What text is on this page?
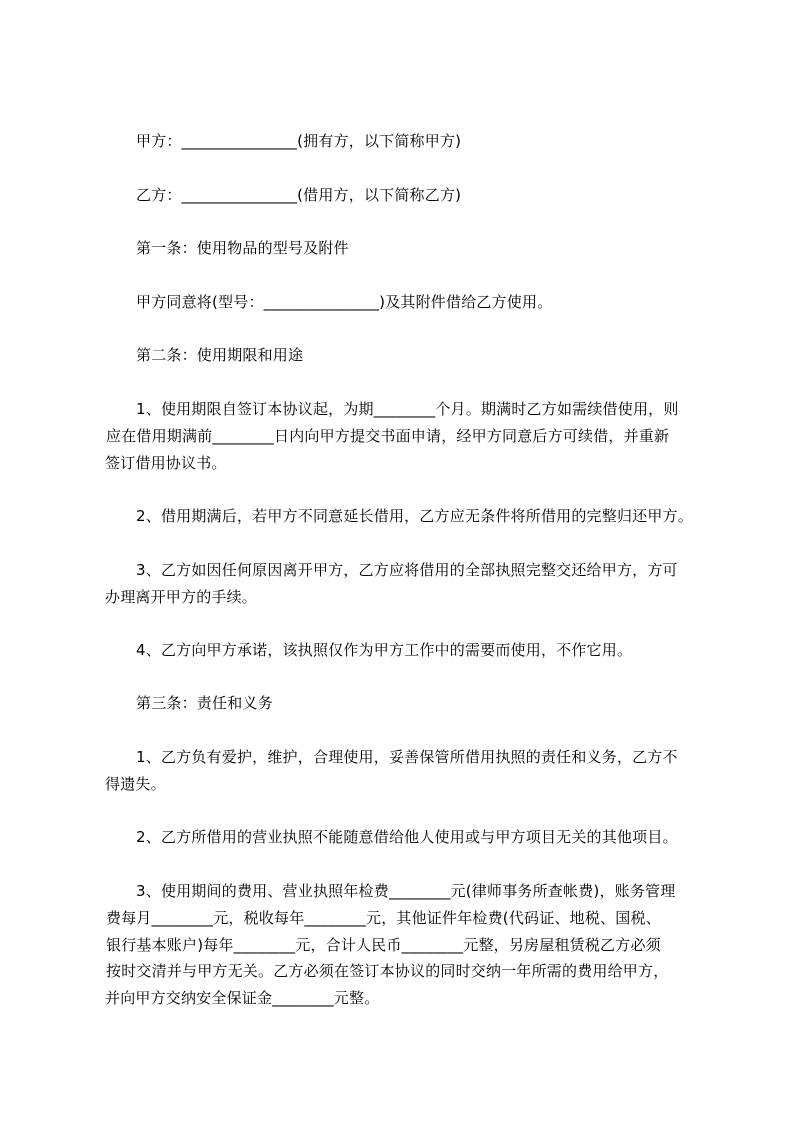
甲方：_______________(拥有方，以下简称甲方)
乙方：_______________(借用方，以下简称乙方)
第一条：使用物品的型号及附件
甲方同意将(型号：_______________)及其附件借给乙方使用。
第二条：使用期限和用途
1、使用期限自签订本协议起，为期________个月。期满时乙方如需续借使用，则
应在借用期满前________日内向甲方提交书面申请，经甲方同意后方可续借，并重新
签订借用协议书。
2、借用期满后，若甲方不同意延长借用，乙方应无条件将所借用的完整归还甲方。
3、乙方如因任何原因离开甲方，乙方应将借用的全部执照完整交还给甲方，方可
办理离开甲方的手续。
4、乙方向甲方承诺，该执照仅作为甲方工作中的需要而使用，不作它用。
第三条：责任和义务
1、乙方负有爱护，维护，合理使用，妥善保管所借用执照的责任和义务，乙方不
得遗失。
2、乙方所借用的营业执照不能随意借给他人使用或与甲方项目无关的其他项目。
3、使用期间的费用、营业执照年检费________元(律师事务所查帐费)，账务管理
费每月________元，税收每年________元，其他证件年检费(代码证、地税、国税、
银行基本账户)每年________元，合计人民币________元整，另房屋租赁税乙方必须
按时交清并与甲方无关。乙方必须在签订本协议的同时交纳一年所需的费用给甲方，
并向甲方交纳安全保证金________元整。
